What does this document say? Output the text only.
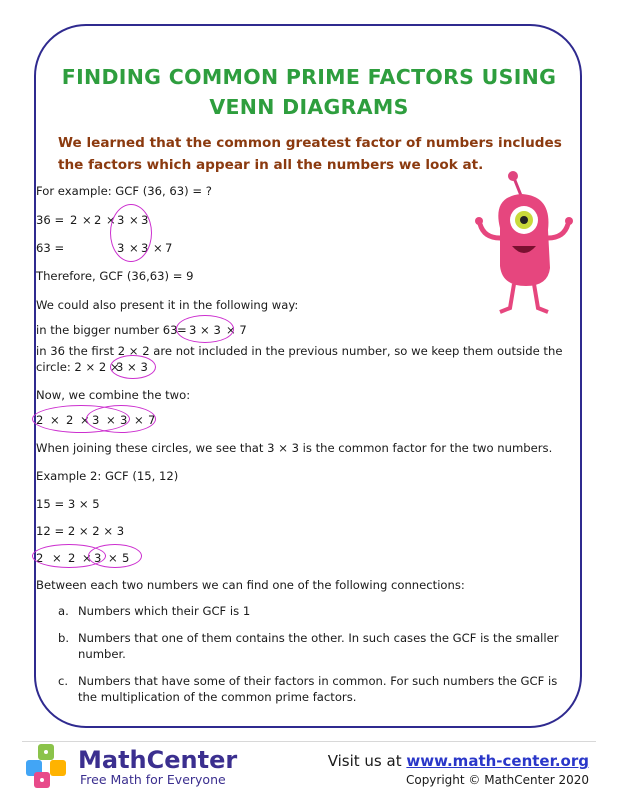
FINDING COMMON PRIME FACTORS USING
VENN DIAGRAMS
We learned that the common greatest factor of numbers includes the factors which appear in all the numbers we look at.
For example: GCF (36, 63) = ?
36 = 2 × 2 × 3 × 3
63 =	3 × 3 × 7
Therefore, GCF (36,63) = 9
We could also present it in the following way:
in the bigger number 63 = 3 × 3 × 7
in 36 the first 2 × 2 are not included in the previous number, so we keep them outside the circle: 2 × 2 ×
3 × 3
Now, we combine the two:
2 × 2 × 3 × 3 × 7
When joining these circles, we see that 3 × 3 is the common factor for the two numbers.
Example 2: GCF (15, 12)
15 = 3 × 5
12 = 2 × 2 × 3
2 × 2 × 3 × 5
Between each two numbers we can find one of the following connections:
a. Numbers which their GCF is 1
b. Numbers that one of them contains the other. In such cases the GCF is the smaller number.
c. Numbers that have some of their factors in common. For such numbers the GCF is the multiplication of the common prime factors.
MathCenter
Free Math for Everyone
Visit us at www.math-center.org
Copyright © MathCenter 2020
